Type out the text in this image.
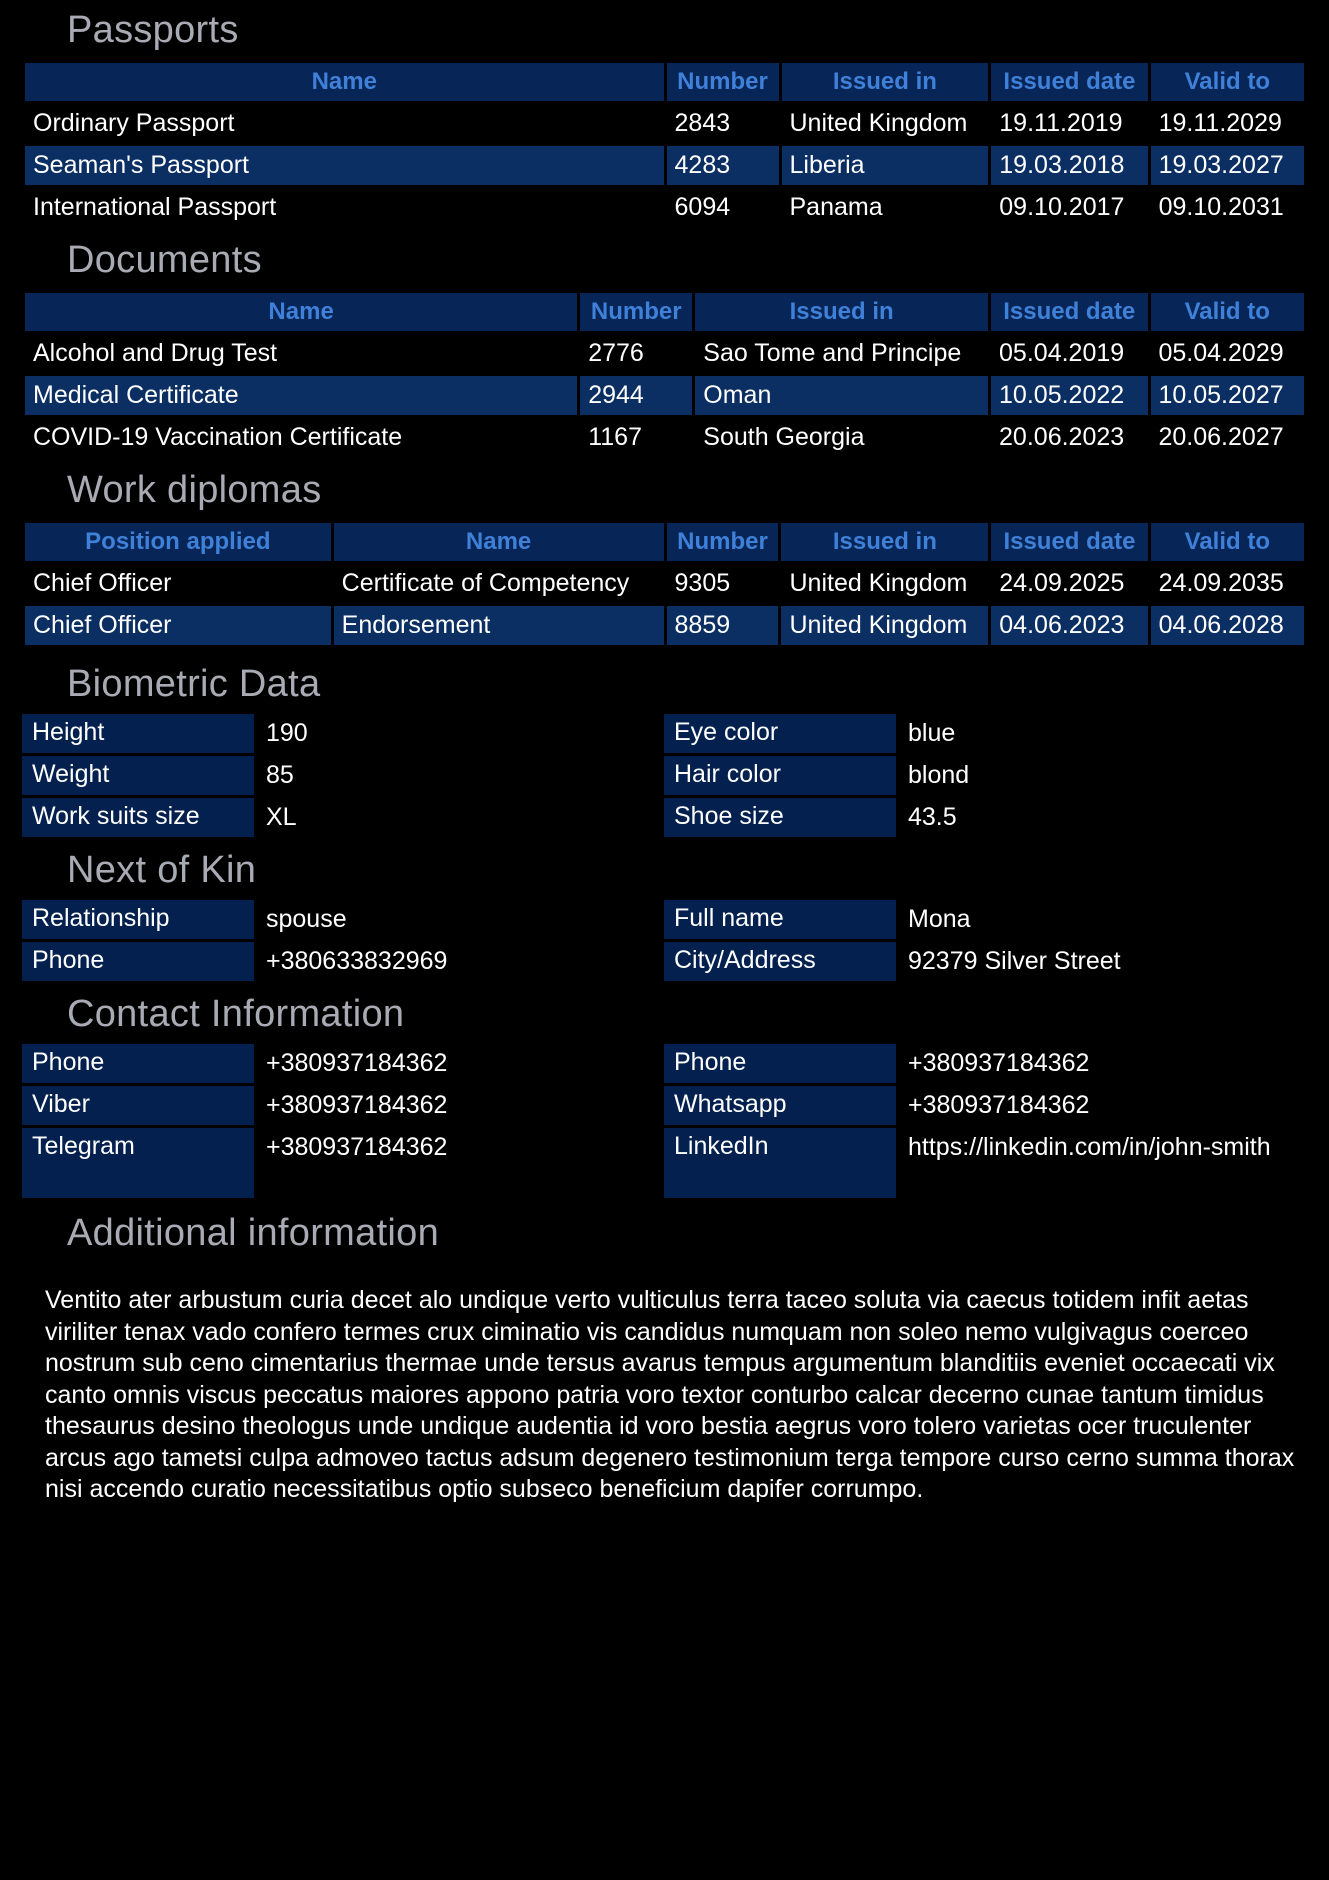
Passports
Name	Number	Issued in	Issued date	Valid to
Ordinary Passport	2843	United Kingdom	19.11.2019	19.11.2029
Seaman's Passport	4283	Liberia	19.03.2018	19.03.2027
International Passport	6094	Panama	09.10.2017	09.10.2031
Documents
Name	Number	Issued in	Issued date	Valid to
Alcohol and Drug Test	2776	Sao Tome and Principe	05.04.2019	05.04.2029
Medical Certificate	2944	Oman	10.05.2022	10.05.2027
COVID-19 Vaccination Certificate	1167	South Georgia	20.06.2023	20.06.2027
Work diplomas
Position applied	Name	Number	Issued in	Issued date	Valid to
Chief Officer	Certificate of Competency	9305	United Kingdom	24.09.2025	24.09.2035
Chief Officer	Endorsement	8859	United Kingdom	04.06.2023	04.06.2028
Biometric Data
Height	190
Weight	85
Work suits size	XL
Eye color	blue
Hair color	blond
Shoe size	43.5
Next of Kin
Relationship	spouse
Phone	+380633832969
Full name	Mona
City/Address	92379 Silver Street
Contact Information
Phone	+380937184362
Viber	+380937184362
Telegram	+380937184362
Phone	+380937184362
Whatsapp	+380937184362
LinkedIn	https://linkedin.com/in/john-smith
Additional information

Ventito ater arbustum curia decet alo undique verto vulticulus terra taceo soluta via caecus totidem infit aetas viriliter tenax vado confero termes crux ciminatio vis candidus numquam non soleo nemo vulgivagus coerceo nostrum sub ceno cimentarius thermae unde tersus avarus tempus argumentum blanditiis eveniet occaecati vix canto omnis viscus peccatus maiores appono patria voro textor conturbo calcar decerno cunae tantum timidus thesaurus desino theologus unde undique audentia id voro bestia aegrus voro tolero varietas ocer truculenter arcus ago tametsi culpa admoveo tactus adsum degenero testimonium terga tempore curso cerno summa thorax nisi accendo curatio necessitatibus optio subseco beneficium dapifer corrumpo.
